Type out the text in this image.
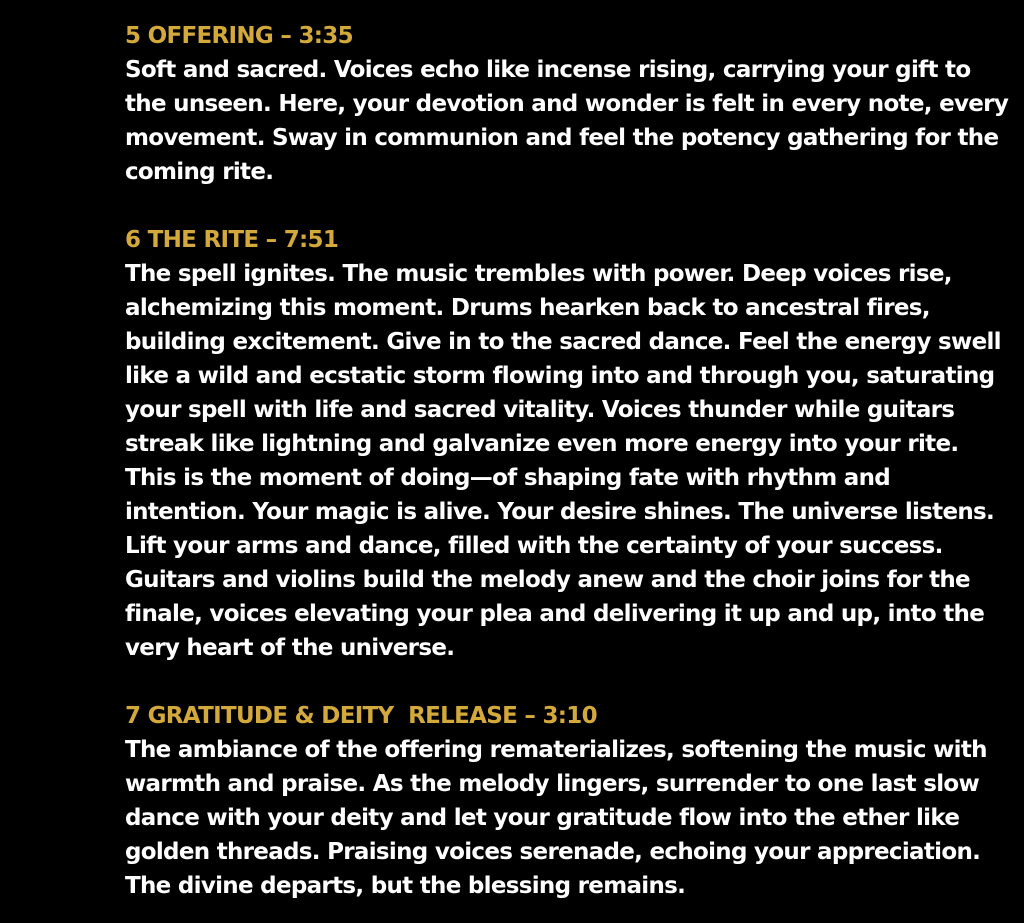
5 OFFERING – 3:35

Soft and sacred. Voices echo like incense rising, carrying your gift to the unseen. Here, your devotion and wonder is felt in every note, every movement. Sway in communion and feel the potency gathering for the coming rite.

6 THE RITE – 7:51

The spell ignites. The music trembles with power. Deep voices rise, alchemizing this moment. Drums hearken back to ancestral fires, building excitement. Give in to the sacred dance. Feel the energy swell like a wild and ecstatic storm flowing into and through you, saturating your spell with life and sacred vitality. Voices thunder while guitars streak like lightning and galvanize even more energy into your rite. This is the moment of doing—of shaping fate with rhythm and intention. Your magic is alive. Your desire shines. The universe listens. Lift your arms and dance, filled with the certainty of your success. Guitars and violins build the melody anew and the choir joins for the finale, voices elevating your plea and delivering it up and up, into the very heart of the universe.

7 GRATITUDE & DEITY  RELEASE – 3:10

The ambiance of the offering rematerializes, softening the music with warmth and praise. As the melody lingers, surrender to one last slow dance with your deity and let your gratitude flow into the ether like golden threads. Praising voices serenade, echoing your appreciation. The divine departs, but the blessing remains.
